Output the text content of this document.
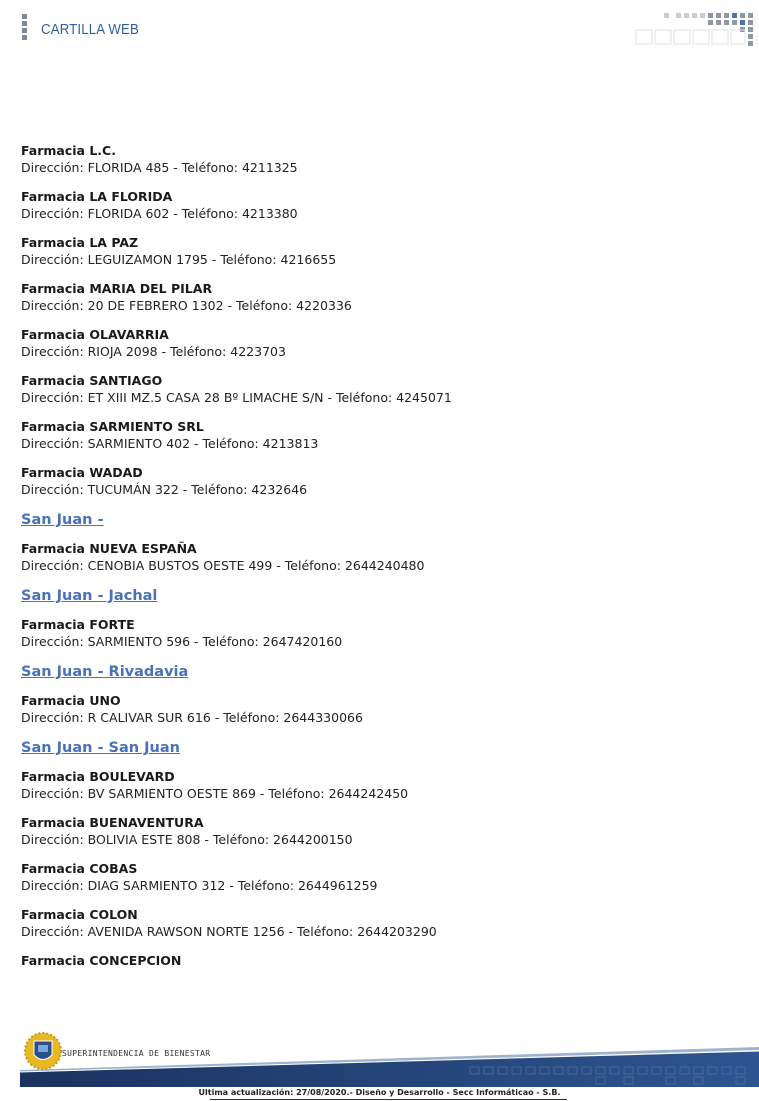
CARTILLA WEB
Farmacia L.C.
Dirección: FLORIDA 485 - Teléfono: 4211325
Farmacia LA FLORIDA
Dirección: FLORIDA 602 - Teléfono: 4213380
Farmacia LA PAZ
Dirección: LEGUIZAMON 1795 - Teléfono: 4216655
Farmacia MARIA DEL PILAR
Dirección: 20 DE FEBRERO 1302 - Teléfono: 4220336
Farmacia OLAVARRIA
Dirección: RIOJA 2098 - Teléfono: 4223703
Farmacia SANTIAGO
Dirección: ET XIII MZ.5 CASA 28 Bº LIMACHE S/N - Teléfono: 4245071
Farmacia SARMIENTO SRL
Dirección: SARMIENTO 402 - Teléfono: 4213813
Farmacia WADAD
Dirección: TUCUMÁN 322 - Teléfono: 4232646
San Juan -
Farmacia NUEVA ESPAÑA
Dirección: CENOBIA BUSTOS OESTE 499 - Teléfono: 2644240480
San Juan - Jachal
Farmacia FORTE
Dirección: SARMIENTO 596 - Teléfono: 2647420160
San Juan - Rivadavia
Farmacia UNO
Dirección: R CALIVAR SUR 616 - Teléfono: 2644330066
San Juan - San Juan
Farmacia BOULEVARD
Dirección: BV SARMIENTO OESTE 869 - Teléfono: 2644242450
Farmacia BUENAVENTURA
Dirección: BOLIVIA ESTE 808 - Teléfono: 2644200150
Farmacia COBAS
Dirección: DIAG SARMIENTO 312 - Teléfono: 2644961259
Farmacia COLON
Dirección: AVENIDA RAWSON NORTE 1256 - Teléfono: 2644203290
Farmacia CONCEPCION
SUPERINTENDENCIA DE BIENESTAR
Ultima actualización: 27/08/2020.- Diseño y Desarrollo - Secc Informáticao - S.B.
